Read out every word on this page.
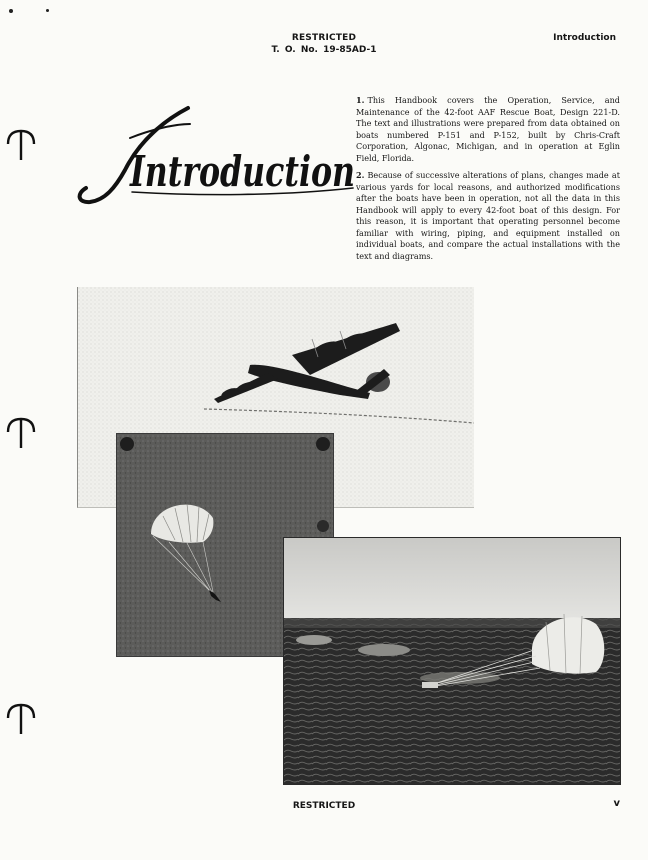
RESTRICTED
T. O. No. 19-85AD-1
Introduction
Introduction

1. This Handbook covers the Operation, Service, and Maintenance of the 42-foot AAF Rescue Boat, Design 221-D. The text and illustrations were prepared from data obtained on boats numbered P-151 and P-152, built by Chris-Craft Corporation, Algonac, Michigan, and in operation at Eglin Field, Florida.

2. Because of successive alterations of plans, changes made at various yards for local reasons, and authorized modifications after the boats have been in operation, not all the data in this Handbook will apply to every 42-foot boat of this design. For this reason, it is important that operating personnel become familiar with wiring, piping, and equipment installed on individual boats, and compare the actual installations with the text and diagrams.

RESTRICTED	v
